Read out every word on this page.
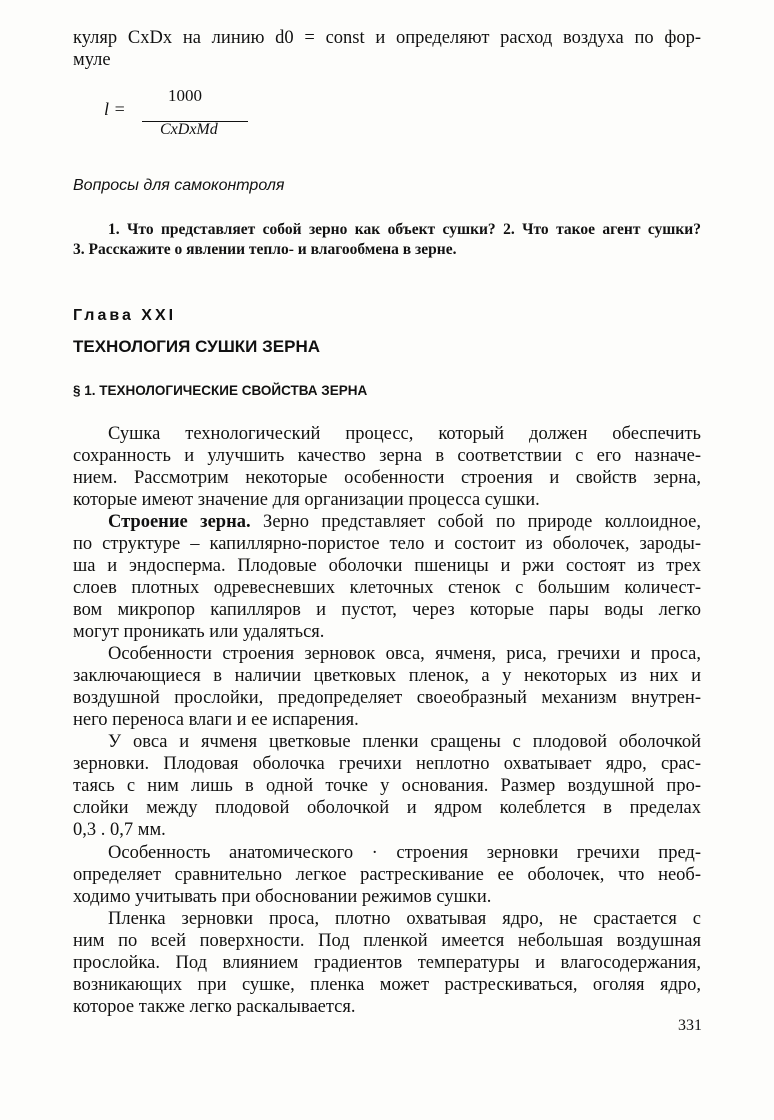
куляр CxDx на линию d0 = const и определяют расход воздуха по фор-
муле
l =
1000
CxDxMd
Вопросы для самоконтроля
1. Что представляет собой зерно как объект сушки? 2. Что такое агент сушки?
3. Расскажите о явлении тепло- и влагообмена в зерне.
Глава XXI
ТЕХНОЛОГИЯ СУШКИ ЗЕРНА
§ 1. ТЕХНОЛОГИЧЕСКИЕ СВОЙСТВА ЗЕРНА
Сушка технологический процесс, который должен обеспечить
сохранность и улучшить качество зерна в соответствии с его назначе-
нием. Рассмотрим некоторые особенности строения и свойств зерна,
которые имеют значение для организации процесса сушки.
Строение зерна. Зерно представляет собой по природе коллоидное,
по структуре – капиллярно-пористое тело и состоит из оболочек, зароды-
ша и эндосперма. Плодовые оболочки пшеницы и ржи состоят из трех
слоев плотных одревесневших клеточных стенок с большим количест-
вом микропор капилляров и пустот, через которые пары воды легко
могут проникать или удаляться.
Особенности строения зерновок овса, ячменя, риса, гречихи и проса,
заключающиеся в наличии цветковых пленок, а у некоторых из них и
воздушной прослойки, предопределяет своеобразный механизм внутрен-
него переноса влаги и ее испарения.
У овса и ячменя цветковые пленки сращены с плодовой оболочкой
зерновки. Плодовая оболочка гречихи неплотно охватывает ядро, срас-
таясь с ним лишь в одной точке у основания. Размер воздушной про-
слойки между плодовой оболочкой и ядром колеблется в пределах
0,3 . 0,7 мм.
Особенность анатомического · строения зерновки гречихи пред-
определяет сравнительно легкое растрескивание ее оболочек, что необ-
ходимо учитывать при обосновании режимов сушки.
Пленка зерновки проса, плотно охватывая ядро, не срастается с
ним по всей поверхности. Под пленкой имеется небольшая воздушная
прослойка. Под влиянием градиентов температуры и влагосодержания,
возникающих при сушке, пленка может растрескиваться, оголяя ядро,
которое также легко раскалывается.
331
